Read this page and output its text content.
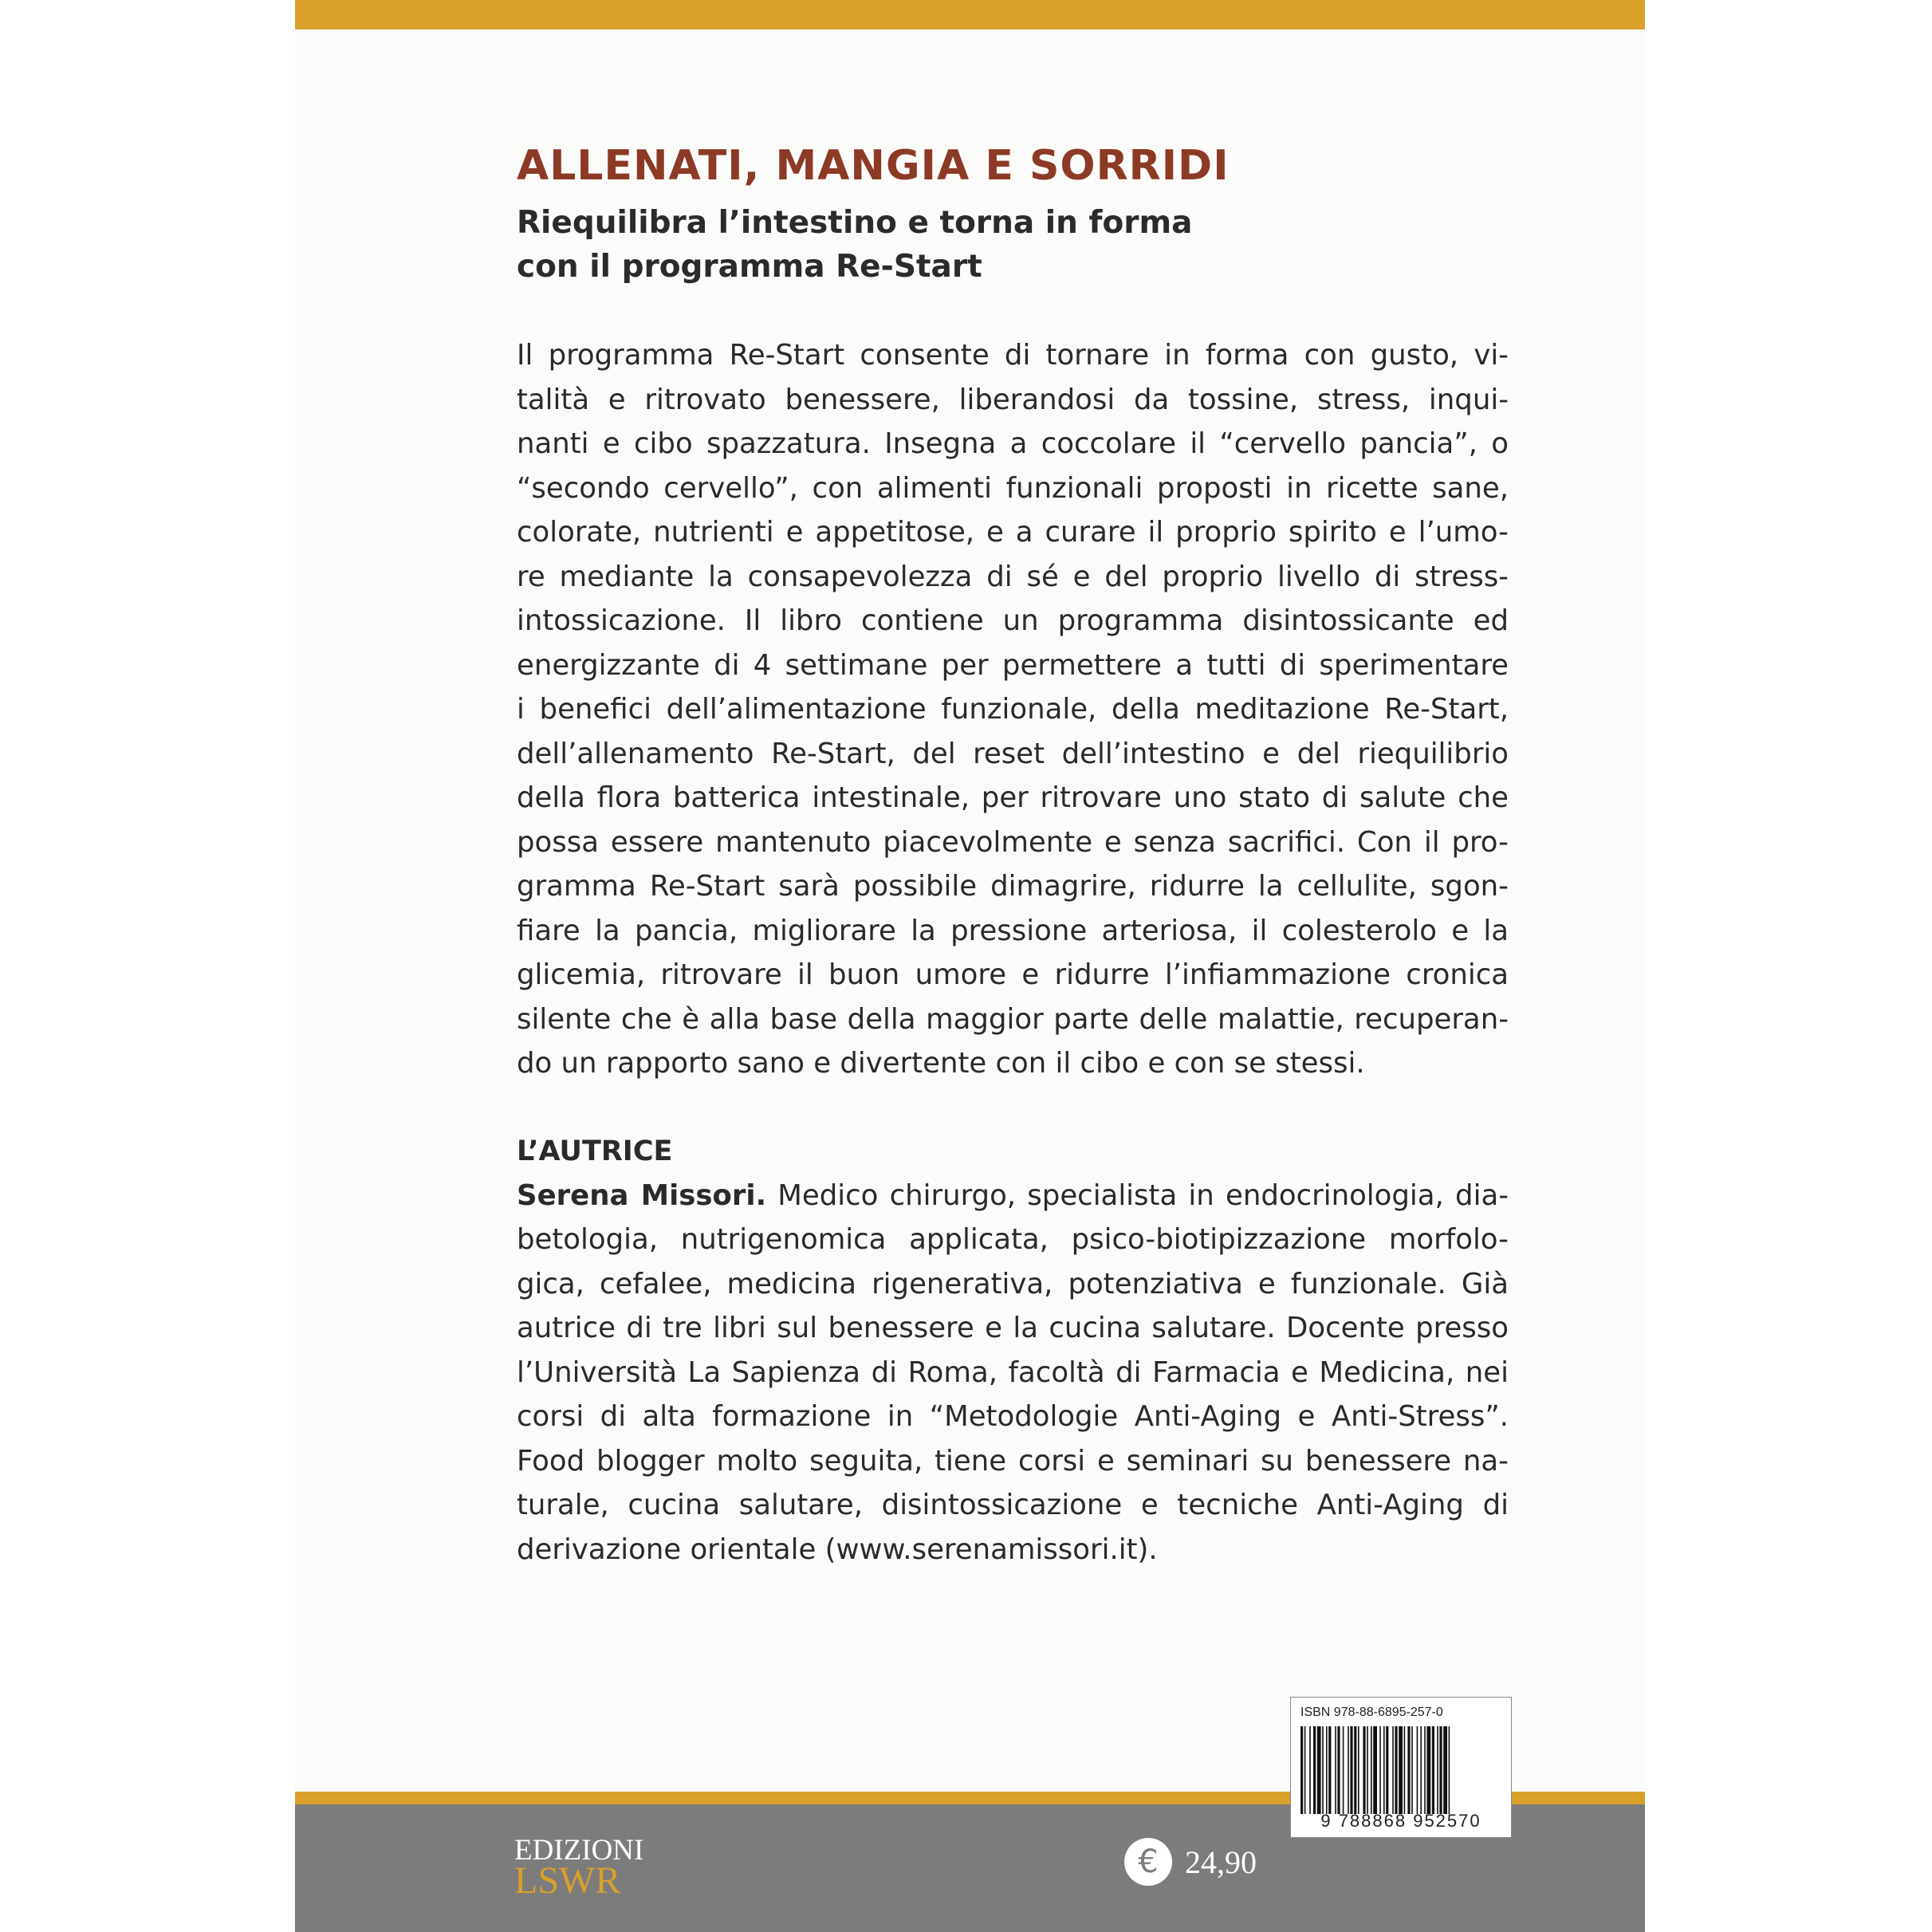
ALLENATI, MANGIA E SORRIDI
Riequilibra l’intestino e torna in forma
con il programma Re-Start
Il programma Re-Start consente di tornare in forma con gusto, vi-
talità e ritrovato benessere, liberandosi da tossine, stress, inqui-
nanti e cibo spazzatura. Insegna a coccolare il “cervello pancia”, o
“secondo cervello”, con alimenti funzionali proposti in ricette sane,
colorate, nutrienti e appetitose, e a curare il proprio spirito e l’umo-
re mediante la consapevolezza di sé e del proprio livello di stress-
intossicazione. Il libro contiene un programma disintossicante ed
energizzante di 4 settimane per permettere a tutti di sperimentare
i benefici dell’alimentazione funzionale, della meditazione Re-Start,
dell’allenamento Re-Start, del reset dell’intestino e del riequilibrio
della flora batterica intestinale, per ritrovare uno stato di salute che
possa essere mantenuto piacevolmente e senza sacrifici. Con il pro-
gramma Re-Start sarà possibile dimagrire, ridurre la cellulite, sgon-
fiare la pancia, migliorare la pressione arteriosa, il colesterolo e la
glicemia, ritrovare il buon umore e ridurre l’infiammazione cronica
silente che è alla base della maggior parte delle malattie, recuperan-
do un rapporto sano e divertente con il cibo e con se stessi.
L’AUTRICE
Serena Missori. Medico chirurgo, specialista in endocrinologia, dia-
betologia, nutrigenomica applicata, psico-biotipizzazione morfolo-
gica, cefalee, medicina rigenerativa, potenziativa e funzionale. Già
autrice di tre libri sul benessere e la cucina salutare. Docente presso
l’Università La Sapienza di Roma, facoltà di Farmacia e Medicina, nei
corsi di alta formazione in “Metodologie Anti-Aging e Anti-Stress”.
Food blogger molto seguita, tiene corsi e seminari su benessere na-
turale, cucina salutare, disintossicazione e tecniche Anti-Aging di
derivazione orientale (www.serenamissori.it).
EDIZIONI
LSWR	€ 24,90
ISBN 978-88-6895-257-0
9 788868 952570
